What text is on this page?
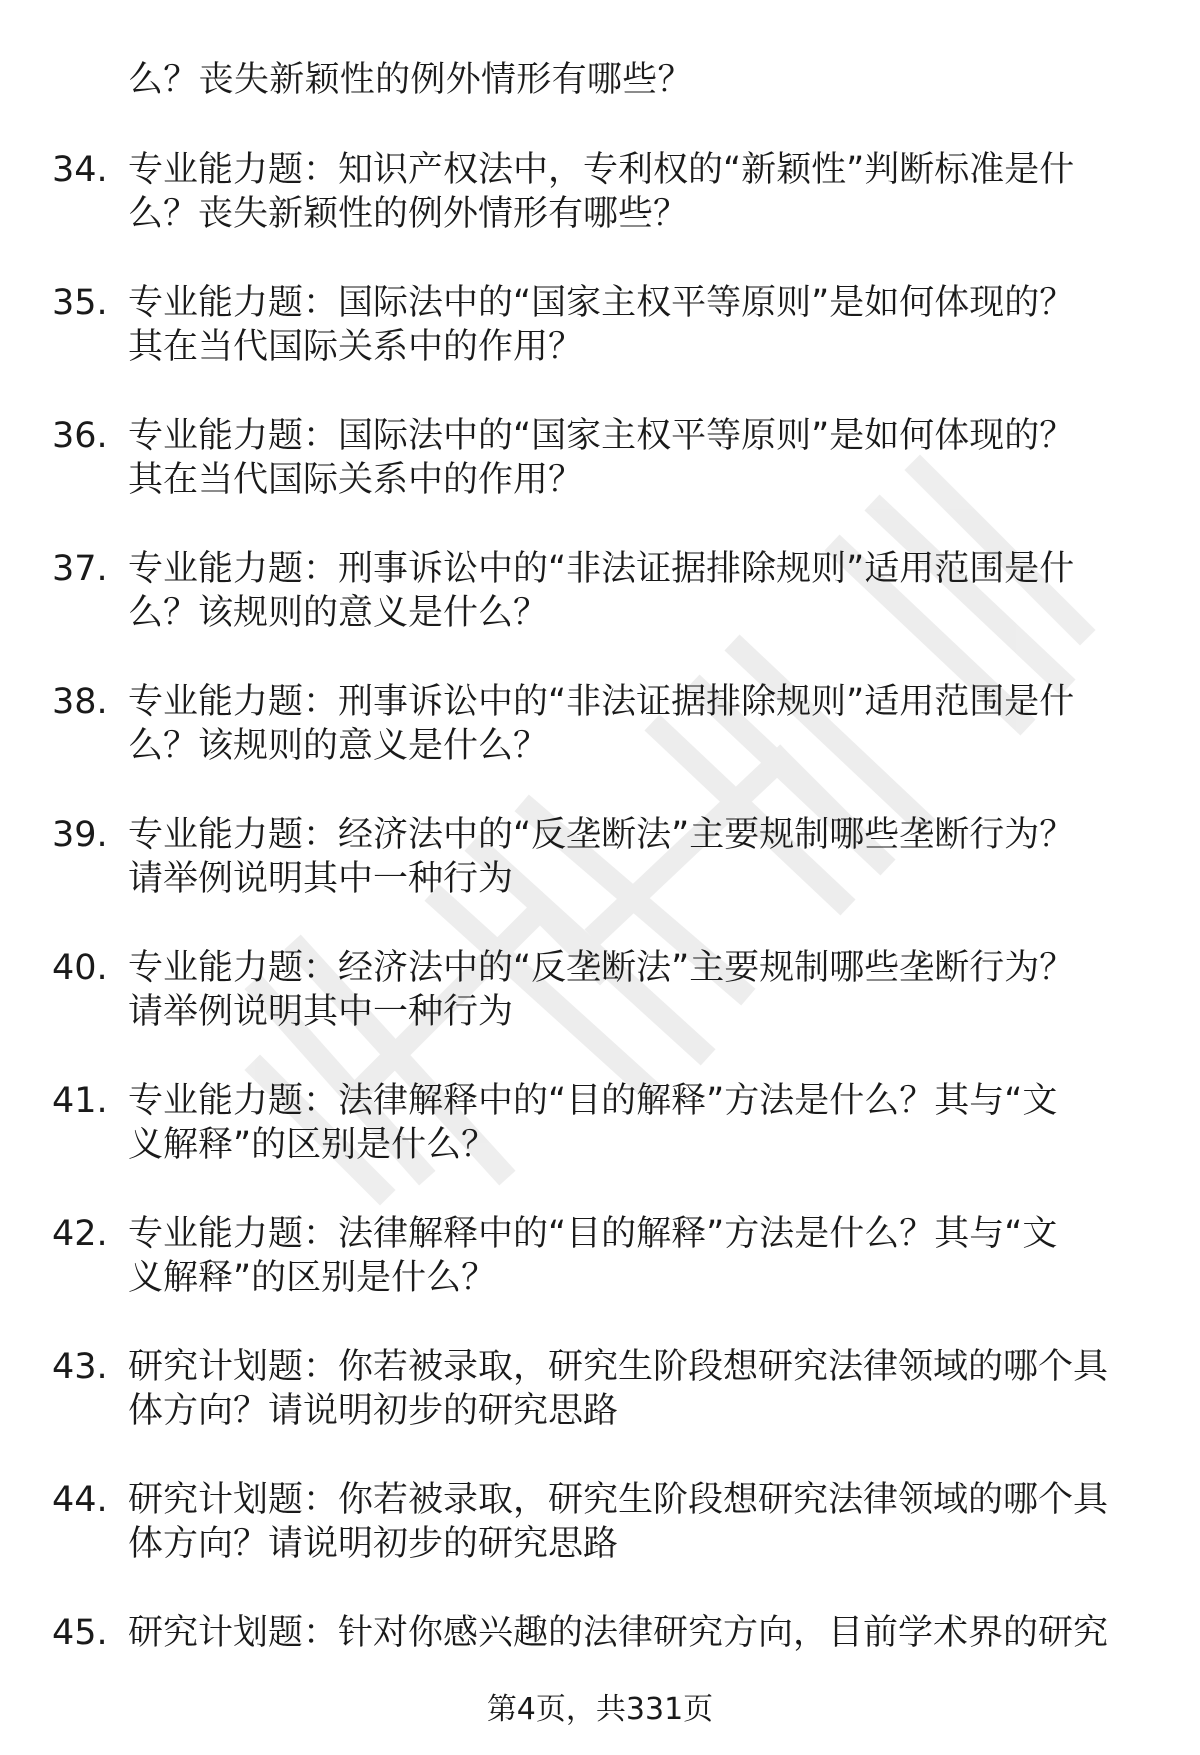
么？丧失新颖性的例外情形有哪些？
34. 专业能力题：知识产权法中，专利权的“新颖性”判断标准是什
么？丧失新颖性的例外情形有哪些？
35. 专业能力题：国际法中的“国家主权平等原则”是如何体现的？
其在当代国际关系中的作用？
36. 专业能力题：国际法中的“国家主权平等原则”是如何体现的？
其在当代国际关系中的作用？
37. 专业能力题：刑事诉讼中的“非法证据排除规则”适用范围是什
么？该规则的意义是什么？
38. 专业能力题：刑事诉讼中的“非法证据排除规则”适用范围是什
么？该规则的意义是什么？
39. 专业能力题：经济法中的“反垄断法”主要规制哪些垄断行为？
请举例说明其中一种行为
40. 专业能力题：经济法中的“反垄断法”主要规制哪些垄断行为？
请举例说明其中一种行为
41. 专业能力题：法律解释中的“目的解释”方法是什么？其与“文
义解释”的区别是什么？
42. 专业能力题：法律解释中的“目的解释”方法是什么？其与“文
义解释”的区别是什么？
43. 研究计划题：你若被录取，研究生阶段想研究法律领域的哪个具
体方向？请说明初步的研究思路
44. 研究计划题：你若被录取，研究生阶段想研究法律领域的哪个具
体方向？请说明初步的研究思路
45. 研究计划题：针对你感兴趣的法律研究方向，目前学术界的研究
第4页，共331页
